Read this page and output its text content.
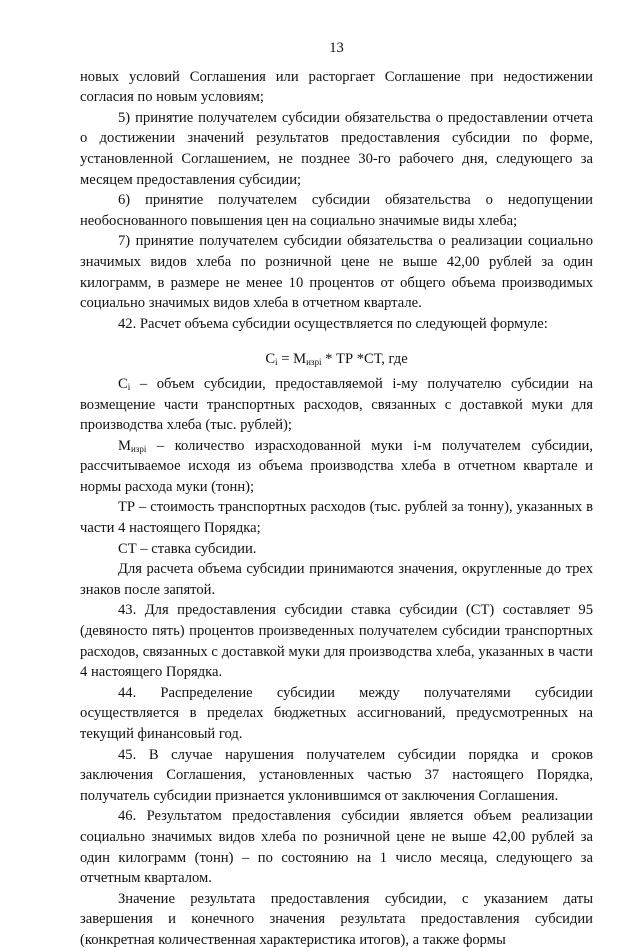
13

новых условий Соглашения или расторгает Соглашение при недостижении согласия по новым условиям;

5) принятие получателем субсидии обязательства о предоставлении отчета о достижении значений результатов предоставления субсидии по форме, установленной Соглашением, не позднее 30-го рабочего дня, следующего за месяцем предоставления субсидии;

6) принятие получателем субсидии обязательства о недопущении необоснованного повышения цен на социально значимые виды хлеба;

7) принятие получателем субсидии обязательства о реализации социально значимых видов хлеба по розничной цене не выше 42,00 рублей за один килограмм, в размере не менее 10 процентов от общего объема производимых социально значимых видов хлеба в отчетном квартале.

42. Расчет объема субсидии осуществляется по следующей формуле:

$C_i = M_{изрi}$ * ТР *СТ, где

$C_i$ – объем субсидии, предоставляемой i-му получателю субсидии на возмещение части транспортных расходов, связанных с доставкой муки для производства хлеба (тыс. рублей);

$M_{изрi}$ – количество израсходованной муки i-м получателем субсидии, рассчитываемое исходя из объема производства хлеба в отчетном квартале и нормы расхода муки (тонн);

ТР – стоимость транспортных расходов (тыс. рублей за тонну), указанных в части 4 настоящего Порядка;

СТ – ставка субсидии.

Для расчета объема субсидии принимаются значения, округленные до трех знаков после запятой.

43. Для предоставления субсидии ставка субсидии (СТ) составляет 95 (девяносто пять) процентов произведенных получателем субсидии транспортных расходов, связанных с доставкой муки для производства хлеба, указанных в части 4 настоящего Порядка.

44. Распределение субсидии между получателями субсидии осуществляется в пределах бюджетных ассигнований, предусмотренных на текущий финансовый год.

45. В случае нарушения получателем субсидии порядка и сроков заключения Соглашения, установленных частью 37 настоящего Порядка, получатель субсидии признается уклонившимся от заключения Соглашения.

46. Результатом предоставления субсидии является объем реализации социально значимых видов хлеба по розничной цене не выше 42,00 рублей за один килограмм (тонн) – по состоянию на 1 число месяца, следующего за отчетным кварталом.

Значение результата предоставления субсидии, с указанием даты завершения и конечного значения результата предоставления субсидии (конкретная количественная характеристика итогов), а также формы
